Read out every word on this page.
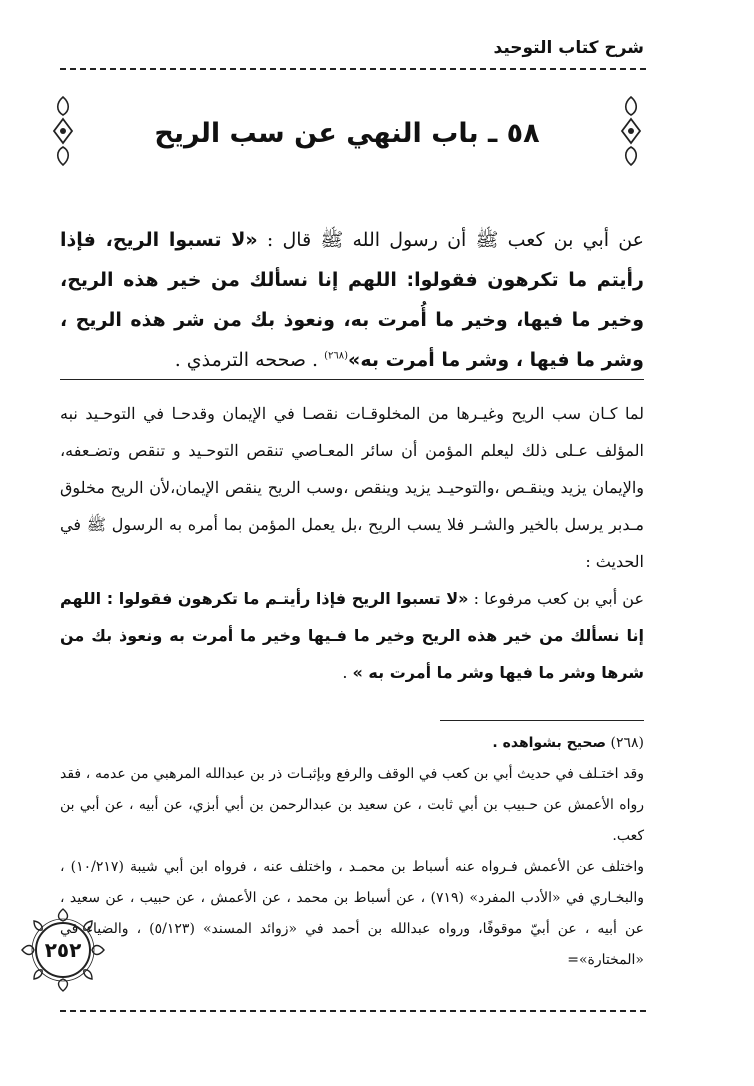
شرح كتاب التوحيد
٥٨ ـ باب النهي عن سب الريح
عن أبي بن كعب ﷺ أن رسول الله ﷺ قال : «لا تسبوا الريح، فإذا رأيتم ما تكرهون فقولوا: اللهم إنا نسألك من خير هذه الريح، وخير ما فيها، وخير ما أُمرت به، ونعوذ بك من شر هذه الريح ، وشر ما فيها ، وشر ما أمرت به»$^{(٢٦٨)}$ . صححه الترمذي .
لما كـان سب الريح وغيـرها من المخلوقـات نقصـا في الإيمان وقدحـا في التوحـيد نبه المؤلف عـلى ذلك ليعلم المؤمن أن سائر المعـاصي تنقص التوحـيد و تنقص وتضـعفه، والإيمان يزيد وينقـص ،والتوحيـد يزيد وينقص ،وسب الريح ينقص الإيمان،لأن الريح مخلوق مـدبر يرسل بالخير والشـر فلا يسب الريح ،بل يعمل المؤمن بما أمره به الرسول ﷺ في الحديث :
عن أبي بن كعب مرفوعا : «لا تسبوا الريح فإذا رأيتـم ما تكرهون فقولوا : اللهم إنا نسألك من خير هذه الريح وخير ما فـيها وخير ما أمرت به ونعوذ بك من شرها وشر ما فيها وشر ما أمرت به » .
(٢٦٨) صحيح بشواهده .
وقد اختـلف في حديث أبي بن كعب في الوقف والرفع وبإثبـات ذر بن عبدالله المرهبي من عدمه ، فقد رواه الأعمش عن حـبيب بن أبي ثابت ، عن سعيد بن عبدالرحمن بن أبي أبزي، عن أبيه ، عن أبي بن كعب.
واختلف عن الأعمش فـرواه عنه أسباط بن محمـد ، واختلف عنه ، فرواه ابن أبي شيبة (١٠/٢١٧) ، والبخـاري في «الأدب المفرد» (٧١٩) ، عن أسباط بن محمد ، عن الأعمش ، عن حبيب ، عن سعيد ، عن أبيه ، عن أبيّ موقوفًا، ورواه عبدالله بن أحمد في «زوائد المسند» (٥/١٢٣) ، والضياء في «المختارة»=
٢٥٢
